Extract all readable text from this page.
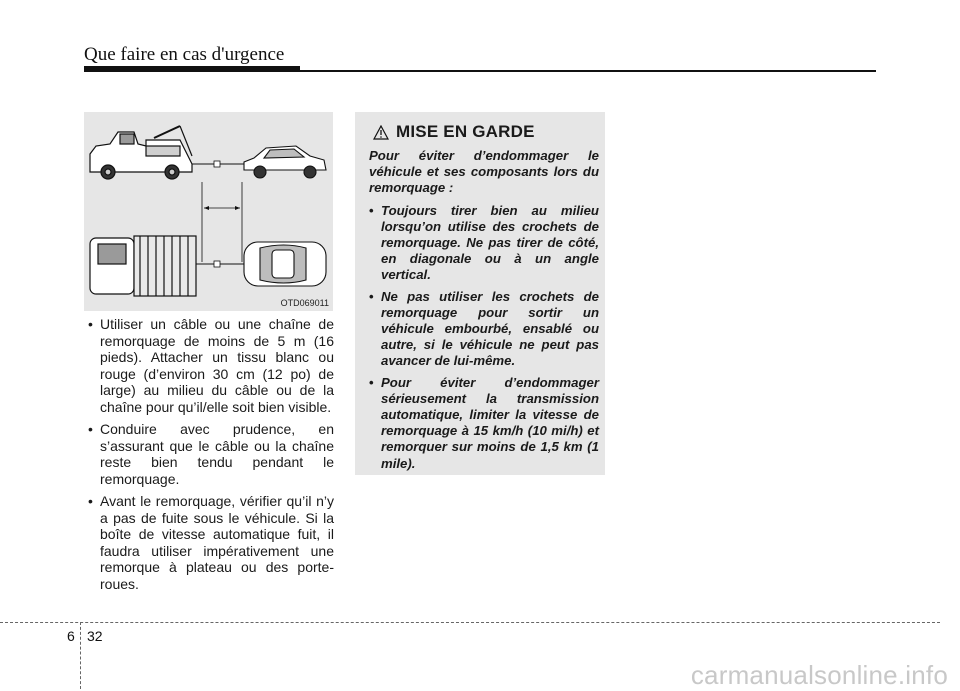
Que faire en cas d'urgence
OTD069011
• Utiliser un câble ou une chaîne de remorquage de moins de 5 m (16 pieds). Attacher un tissu blanc ou rouge (d’environ 30 cm (12 po) de large) au milieu du câble ou de la chaîne pour qu’il/elle soit bien visible.
• Conduire avec prudence, en s’assurant que le câble ou la chaîne reste bien tendu pendant le remorquage.
• Avant le remorquage, vérifier qu’il n’y a pas de fuite sous le véhicule. Si la boîte de vitesse automatique fuit, il faudra utiliser impérativement une remorque à plateau ou des porte-roues.
MISE EN GARDE

Pour éviter d’endommager le véhicule et ses composants lors du remorquage :

• Toujours tirer bien au milieu lorsqu’on utilise des crochets de remorquage. Ne pas tirer de côté, en diagonale ou à un angle vertical.
• Ne pas utiliser les crochets de remorquage pour sortir un véhicule embourbé, ensablé ou autre, si le véhicule ne peut pas avancer de lui-même.
• Pour éviter d’endommager sérieusement la transmission automatique, limiter la vitesse de remorquage à 15 km/h (10 mi/h) et remorquer sur moins de 1,5 km (1 mile).
6 32
carmanualsonline.info
